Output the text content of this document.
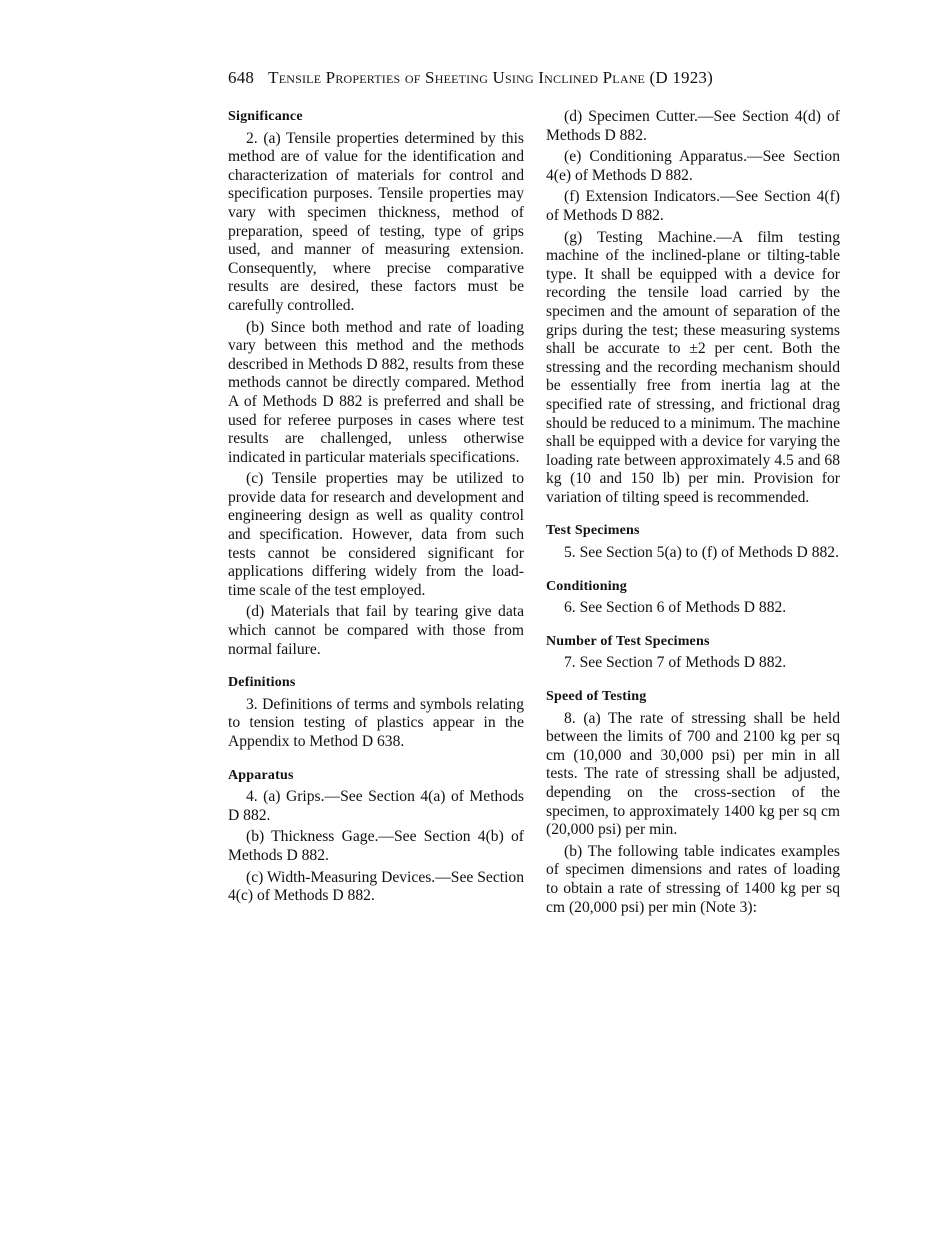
648 Tensile Properties of Sheeting Using Inclined Plane (D 1923)

Significance

2. (a) Tensile properties determined by this method are of value for the identification and characterization of materials for control and specification purposes. Tensile properties may vary with specimen thickness, method of preparation, speed of testing, type of grips used, and manner of measuring extension. Consequently, where precise comparative results are desired, these factors must be carefully controlled.

(b) Since both method and rate of loading vary between this method and the methods described in Methods D 882, results from these methods cannot be directly compared. Method A of Methods D 882 is preferred and shall be used for referee purposes in cases where test results are challenged, unless otherwise indicated in particular materials specifications.

(c) Tensile properties may be utilized to provide data for research and development and engineering design as well as quality control and specification. However, data from such tests cannot be considered significant for applications differing widely from the load-time scale of the test employed.

(d) Materials that fail by tearing give data which cannot be compared with those from normal failure.

Definitions

3. Definitions of terms and symbols relating to tension testing of plastics appear in the Appendix to Method D 638.

Apparatus

4. (a) Grips.—See Section 4(a) of Methods D 882.

(b) Thickness Gage.—See Section 4(b) of Methods D 882.

(c) Width-Measuring Devices.—See Section 4(c) of Methods D 882.

(d) Specimen Cutter.—See Section 4(d) of Methods D 882.

(e) Conditioning Apparatus.—See Section 4(e) of Methods D 882.

(f) Extension Indicators.—See Section 4(f) of Methods D 882.

(g) Testing Machine.—A film testing machine of the inclined-plane or tilting-table type. It shall be equipped with a device for recording the tensile load carried by the specimen and the amount of separation of the grips during the test; these measuring systems shall be accurate to ±2 per cent. Both the stressing and the recording mechanism should be essentially free from inertia lag at the specified rate of stressing, and frictional drag should be reduced to a minimum. The machine shall be equipped with a device for varying the loading rate between approximately 4.5 and 68 kg (10 and 150 lb) per min. Provision for variation of tilting speed is recommended.

Test Specimens

5. See Section 5(a) to (f) of Methods D 882.

Conditioning

6. See Section 6 of Methods D 882.

Number of Test Specimens

7. See Section 7 of Methods D 882.

Speed of Testing

8. (a) The rate of stressing shall be held between the limits of 700 and 2100 kg per sq cm (10,000 and 30,000 psi) per min in all tests. The rate of stressing shall be adjusted, depending on the cross-section of the specimen, to approximately 1400 kg per sq cm (20,000 psi) per min.

(b) The following table indicates examples of specimen dimensions and rates of loading to obtain a rate of stressing of 1400 kg per sq cm (20,000 psi) per min (Note 3):
